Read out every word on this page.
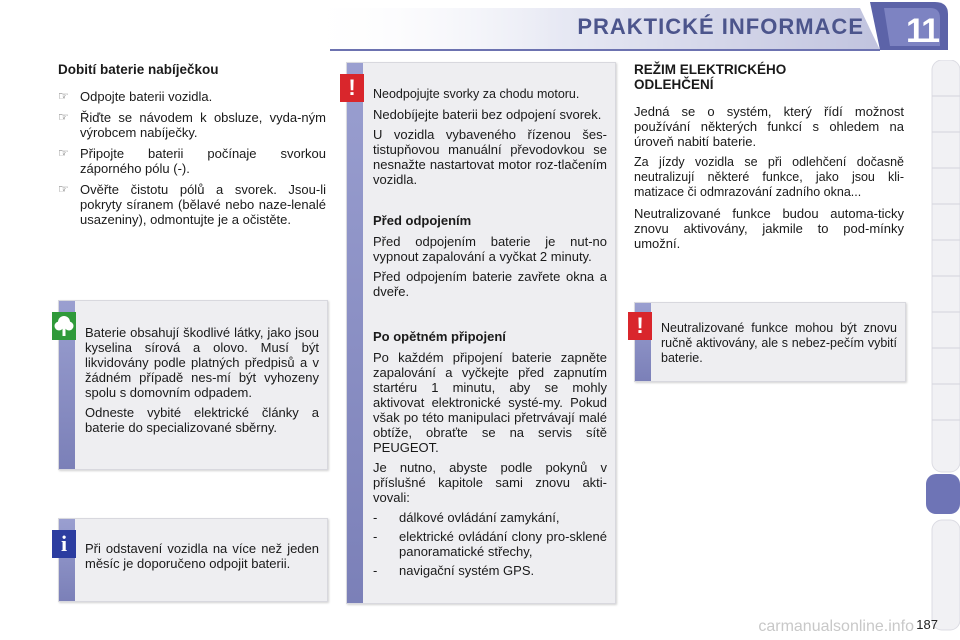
PRAKTICKÉ INFORMACE 11
Dobití baterie nabíječkou
☞ Odpojte baterii vozidla.
☞ Řiďte se návodem k obsluze, vyda-ným výrobcem nabíječky.
☞ Připojte baterii počínaje svorkou záporného pólu (-).
☞ Ověřte čistotu pólů a svorek. Jsou-li pokryty síranem (bělavé nebo naze-lenalé usazeniny), odmontujte je a očistěte.

Baterie obsahují škodlivé látky, jako jsou kyselina sírová a olovo. Musí být likvidovány podle platných předpisů a v žádném případě nes-mí být vyhozeny spolu s domovním odpadem.

Odneste vybité elektrické články a baterie do specializované sběrny.

Při odstavení vozidla na více než jeden měsíc je doporučeno odpojit baterii.

i

Neodpojujte svorky za chodu motoru.

Nedobíjejte baterii bez odpojení svorek.

U vozidla vybaveného řízenou šes-tistupňovou manuální převodovkou se nesnažte nastartovat motor roz-tlačením vozidla.

Před odpojením

Před odpojením baterie je nut-no vypnout zapalování a vyčkat 2 minuty.

Před odpojením baterie zavřete okna a dveře.

Po opětném připojení

Po každém připojení baterie zapněte zapalování a vyčkejte před zapnutím startéru 1 minutu, aby se mohly aktivovat elektronické systé-my. Pokud však po této manipulaci přetrvávají malé obtíže, obraťte se na servis sítě PEUGEOT.

Je nutno, abyste podle pokynů v příslušné kapitole sami znovu akti-vovali:

- dálkové ovládání zamykání,
- elektrické ovládání clony pro-sklené panoramatické střechy,
- navigační systém GPS.
!
REŽIM ELEKTRICKÉHO
ODLEHČENÍ

Jedná se o systém, který řídí možnost používání některých funkcí s ohledem na úroveň nabití baterie.

Za jízdy vozidla se při odlehčení dočasně neutralizují některé funkce, jako jsou kli-matizace či odmrazování zadního okna...

Neutralizované funkce budou automa-ticky znovu aktivovány, jakmile to pod-mínky umožní.

Neutralizované funkce mohou být znovu ručně aktivovány, ale s nebez-pečím vybití baterie.

!
carmanualsonline.info 187
